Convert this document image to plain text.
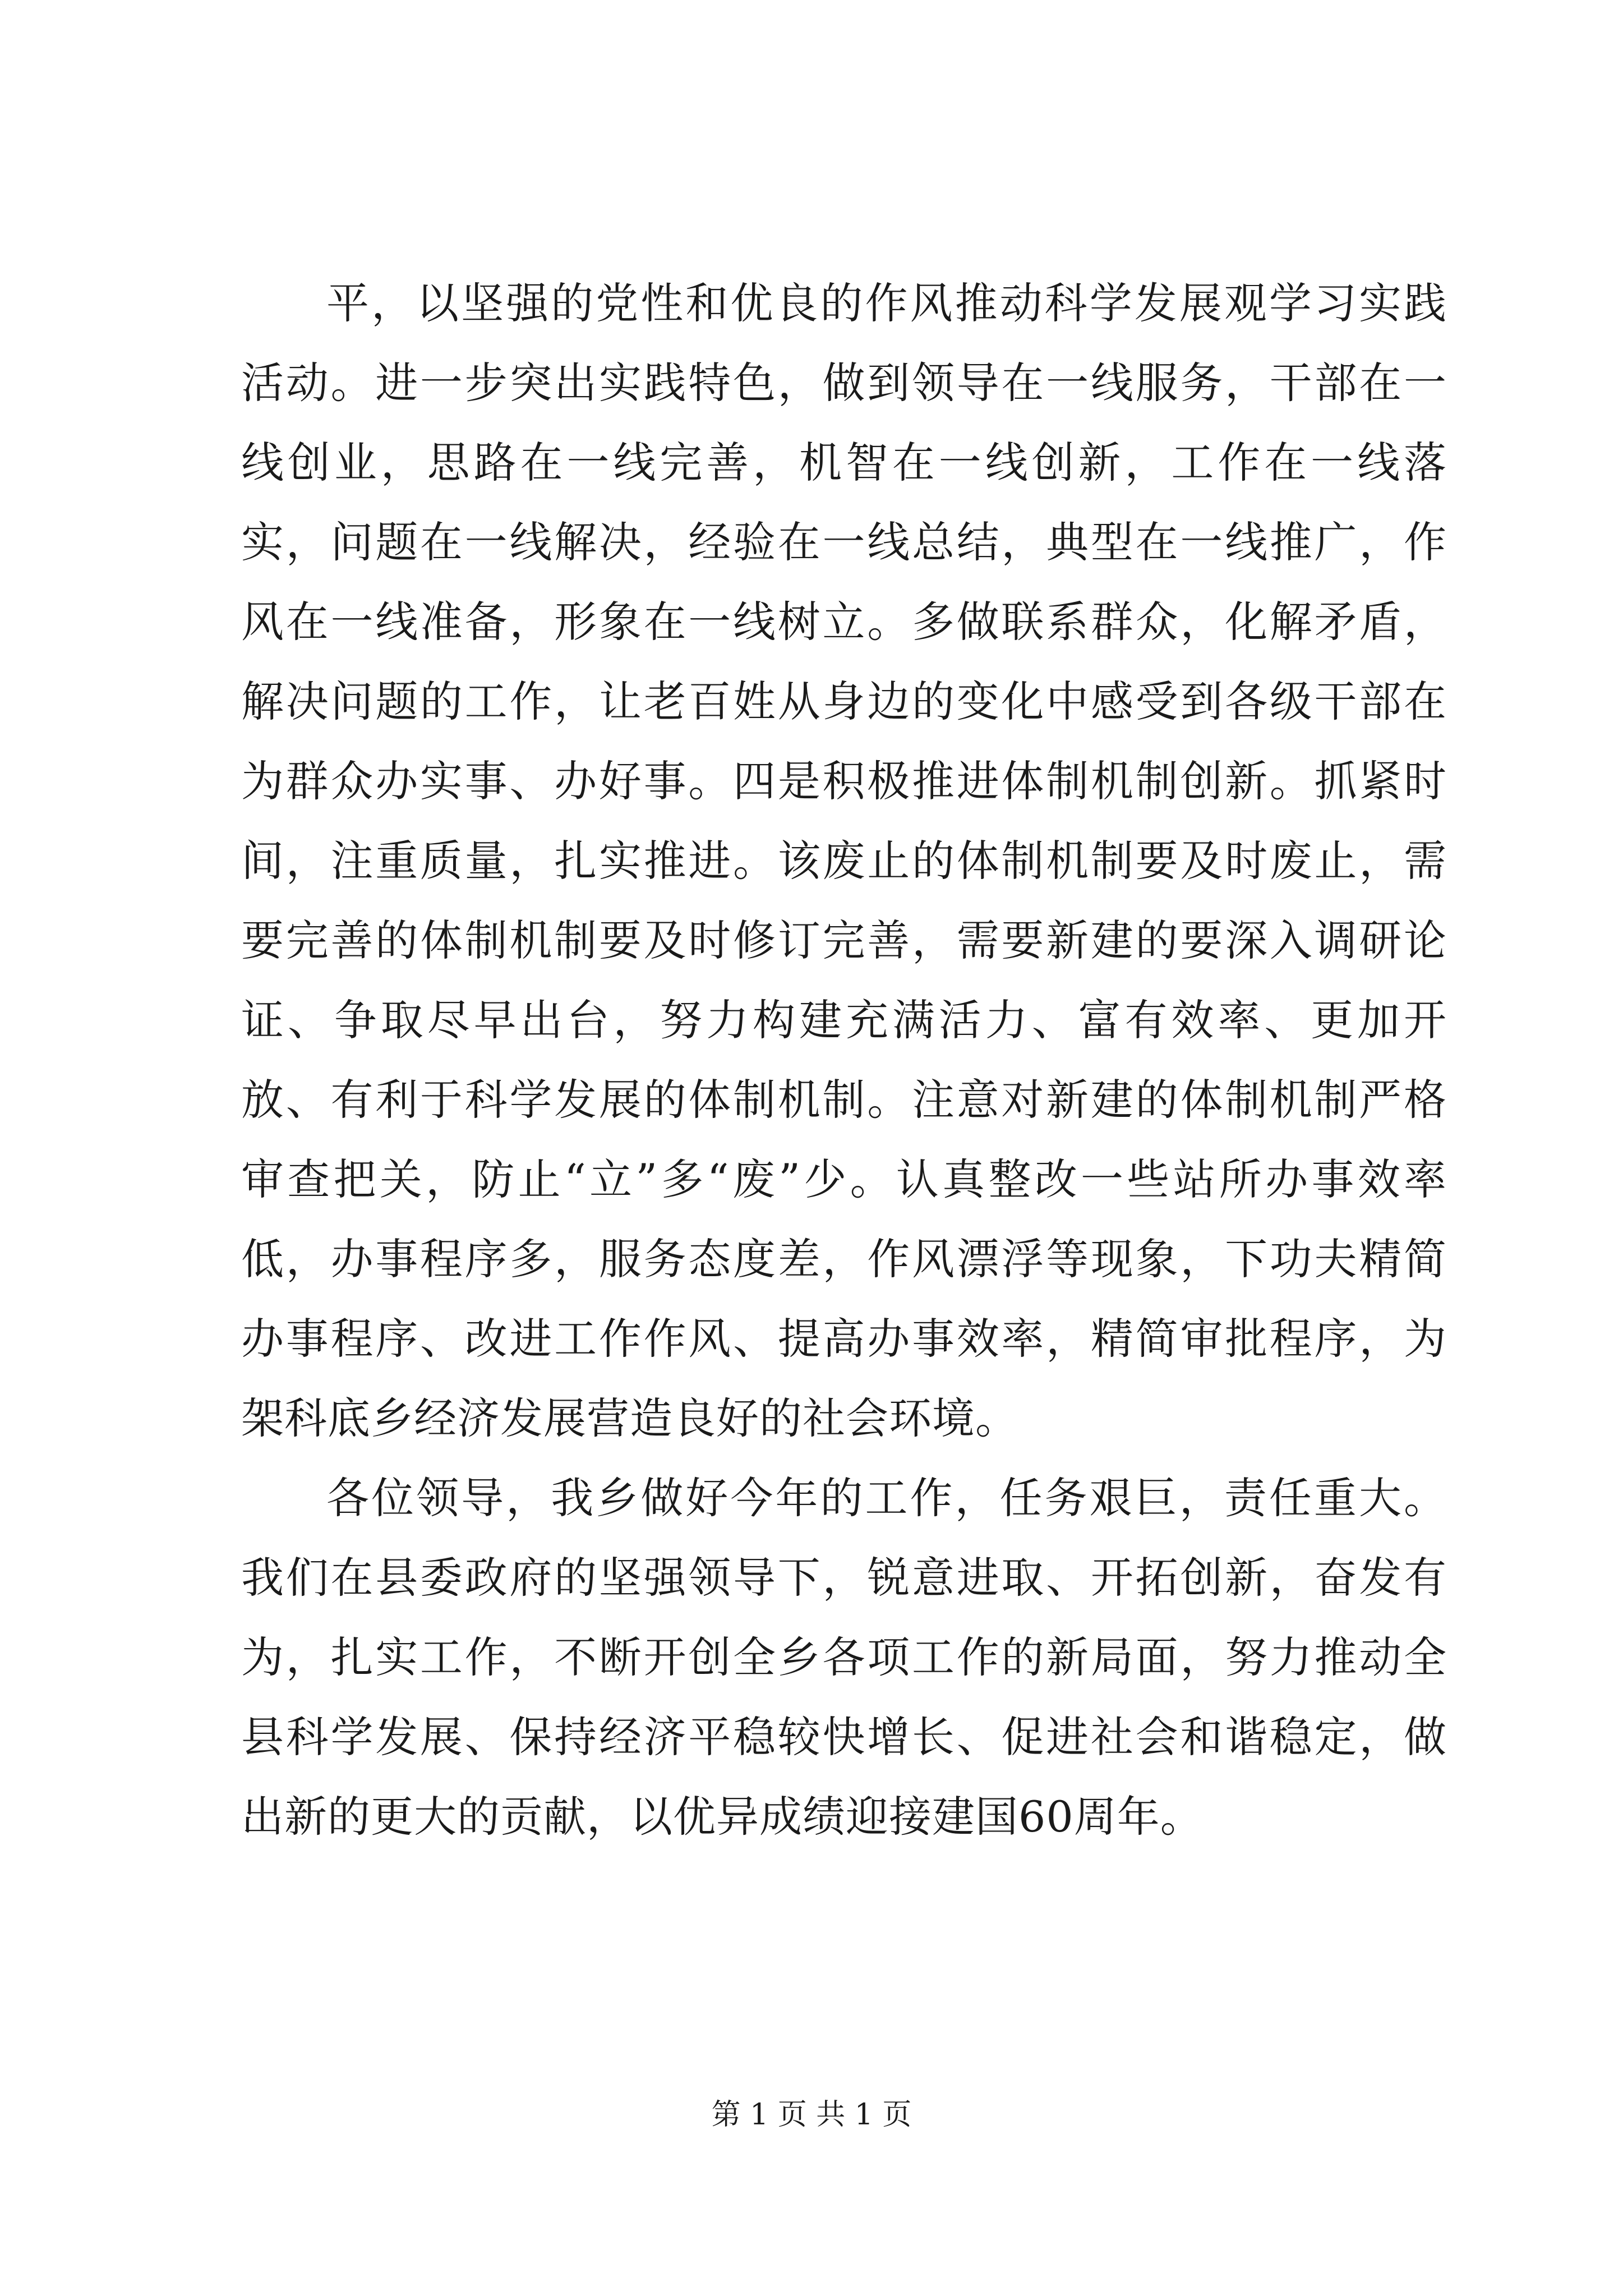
平，以坚强的党性和优良的作风推动科学发展观学习实践活动。进一步突出实践特色，做到领导在一线服务，干部在一线创业，思路在一线完善，机智在一线创新，工作在一线落实，问题在一线解决，经验在一线总结，典型在一线推广，作风在一线准备，形象在一线树立。多做联系群众，化解矛盾，解决问题的工作，让老百姓从身边的变化中感受到各级干部在为群众办实事、办好事。四是积极推进体制机制创新。抓紧时间，注重质量，扎实推进。该废止的体制机制要及时废止，需要完善的体制机制要及时修订完善，需要新建的要深入调研论证、争取尽早出台，努力构建充满活力、富有效率、更加开放、有利于科学发展的体制机制。注意对新建的体制机制严格审查把关，防止“立”多“废”少。认真整改一些站所办事效率低，办事程序多，服务态度差，作风漂浮等现象，下功夫精简办事程序、改进工作作风、提高办事效率，精简审批程序，为架科底乡经济发展营造良好的社会环境。

各位领导，我乡做好今年的工作，任务艰巨，责任重大。我们在县委政府的坚强领导下，锐意进取、开拓创新，奋发有为，扎实工作，不断开创全乡各项工作的新局面，努力推动全县科学发展、保持经济平稳较快增长、促进社会和谐稳定，做出新的更大的贡献，以优异成绩迎接建国60周年。

第 1 页 共 1 页
